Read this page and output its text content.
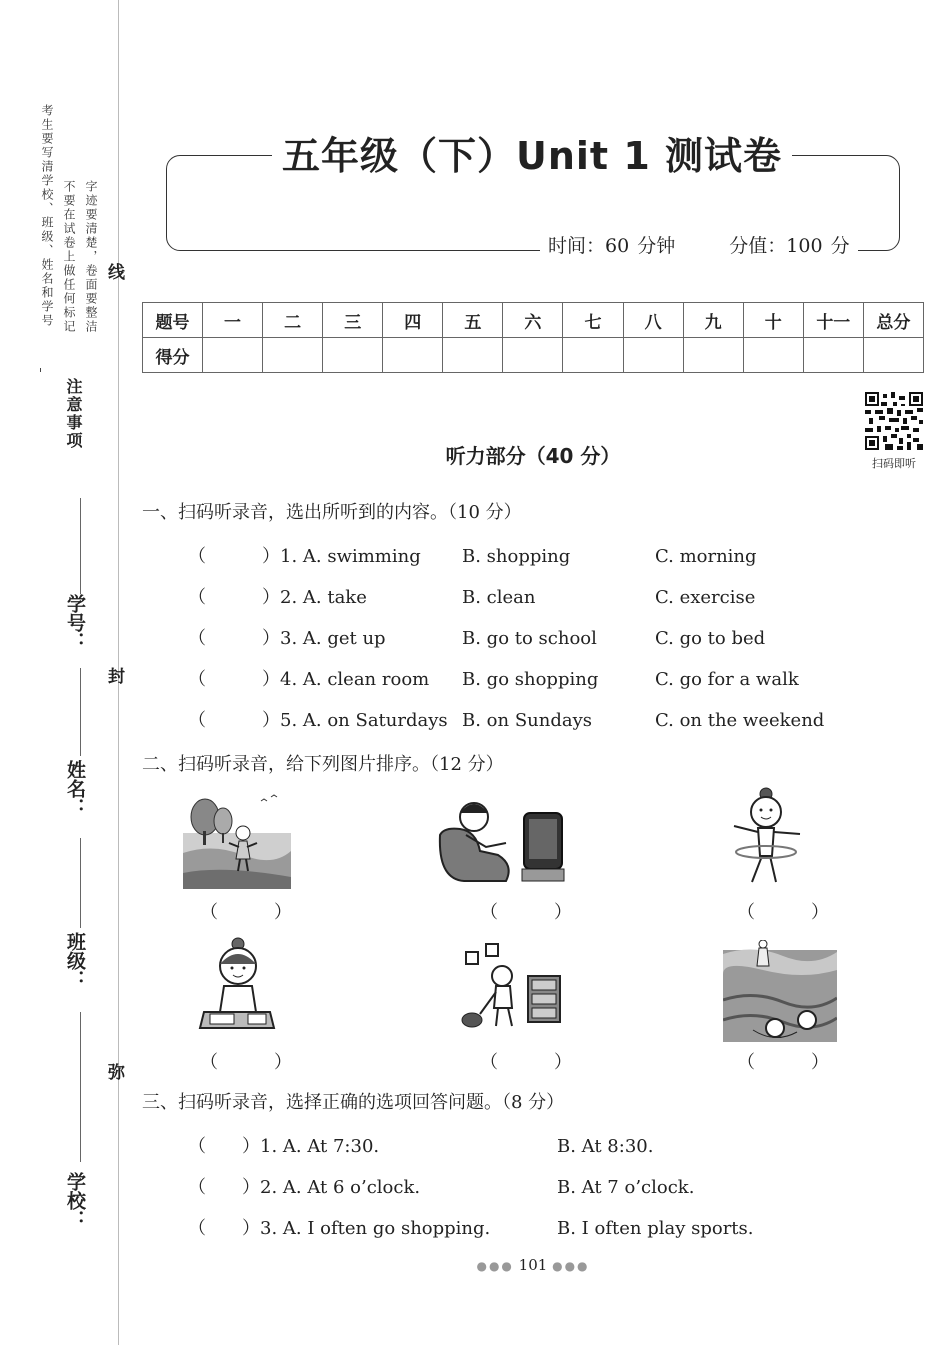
考生要写清学校、班级、姓名和学号 不要在试卷上做任何标记 字迹要清楚，卷面要整洁
注意事项
线
封
弥
学号：
姓名：
班级：
学校：
五年级（下）Unit 1 测试卷
时间：60 分钟	分值：100 分
题号	一	二	三	四	五	六	七	八	九	十	十一	总分
得分												
扫码即听
听力部分（40 分）
一、扫码听录音，选出所听到的内容。（10 分）
（	） 1. A. swimming B. shopping	C. morning
（	） 2. A. take	B. clean	C. exercise
（	） 3. A. get up	B. go to school	C. go to bed
（	） 4. A. clean room B. go shopping	C. go for a walk
（	） 5. A. on Saturdays B. on Sundays	C. on the weekend
二、扫码听录音，给下列图片排序。（12 分）
（	）	（	）	（	）
（	）	（	）	（	）
三、扫码听录音，选择正确的选项回答问题。（8 分）
（ ） 1. A. At 7:30.	B. At 8:30.
（ ） 2. A. At 6 o’clock.	B. At 7 o’clock.
（ ） 3. A. I often go shopping.	B. I often play sports.
●●● 101 ●●●
